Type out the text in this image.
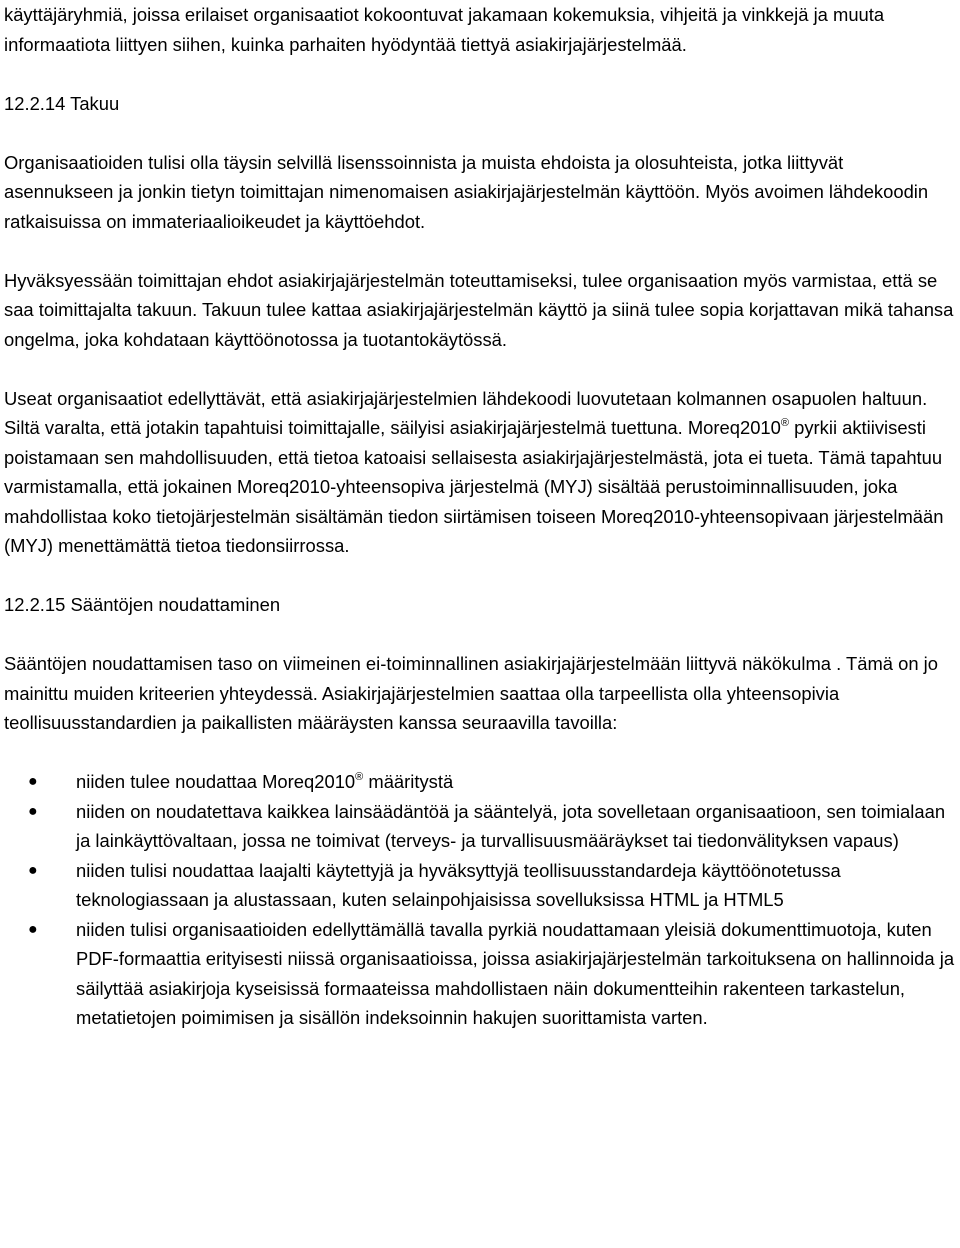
käyttäjäryhmiä, joissa erilaiset organisaatiot kokoontuvat jakamaan kokemuksia, vihjeitä ja vinkkejä ja muuta informaatiota liittyen siihen, kuinka parhaiten hyödyntää tiettyä asiakirjajärjestelmää.

12.2.14 Takuu

Organisaatioiden tulisi olla täysin selvillä lisenssoinnista ja muista ehdoista ja olosuhteista, jotka liittyvät asennukseen ja jonkin tietyn toimittajan nimenomaisen asiakirjajärjestelmän käyttöön. Myös avoimen lähdekoodin ratkaisuissa on immateriaalioikeudet ja käyttöehdot.

Hyväksyessään toimittajan ehdot asiakirjajärjestelmän toteuttamiseksi, tulee organisaation myös varmistaa, että se saa toimittajalta takuun. Takuun tulee kattaa asiakirjajärjestelmän käyttö ja siinä tulee sopia korjattavan mikä tahansa ongelma, joka kohdataan käyttöönotossa ja tuotantokäytössä.

Useat organisaatiot edellyttävät, että asiakirjajärjestelmien lähdekoodi luovutetaan kolmannen osapuolen haltuun. Siltä varalta, että jotakin tapahtuisi toimittajalle, säilyisi asiakirjajärjestelmä tuettuna. Moreq2010® pyrkii aktiivisesti poistamaan sen mahdollisuuden, että tietoa katoaisi sellaisesta asiakirjajärjestelmästä, jota ei tueta. Tämä tapahtuu varmistamalla, että jokainen Moreq2010-yhteensopiva järjestelmä (MYJ) sisältää perustoiminnallisuuden, joka mahdollistaa koko tietojärjestelmän sisältämän tiedon siirtämisen toiseen Moreq2010-yhteensopivaan järjestelmään (MYJ) menettämättä tietoa tiedonsiirrossa.

12.2.15 Sääntöjen noudattaminen

Sääntöjen noudattamisen taso on viimeinen ei-toiminnallinen asiakirjajärjestelmään liittyvä näkökulma . Tämä on jo mainittu muiden kriteerien yhteydessä. Asiakirjajärjestelmien saattaa olla tarpeellista olla yhteensopivia teollisuusstandardien ja paikallisten määräysten kanssa seuraavilla tavoilla:

● niiden tulee noudattaa Moreq2010® määritystä
● niiden on noudatettava kaikkea lainsäädäntöä ja sääntelyä, jota sovelletaan organisaatioon, sen toimialaan ja lainkäyttövaltaan, jossa ne toimivat (terveys- ja turvallisuusmääräykset tai tiedonvälityksen vapaus)
● niiden tulisi noudattaa laajalti käytettyjä ja hyväksyttyjä teollisuusstandardeja käyttöönotetussa teknologiassaan ja alustassaan, kuten selainpohjaisissa sovelluksissa HTML ja HTML5
● niiden tulisi organisaatioiden edellyttämällä tavalla pyrkiä noudattamaan yleisiä dokumenttimuotoja, kuten PDF-formaattia erityisesti niissä organisaatioissa, joissa asiakirjajärjestelmän tarkoituksena on hallinnoida ja säilyttää asiakirjoja kyseisissä formaateissa mahdollistaen näin dokumentteihin rakenteen tarkastelun, metatietojen poimimisen ja sisällön indeksoinnin hakujen suorittamista varten.
